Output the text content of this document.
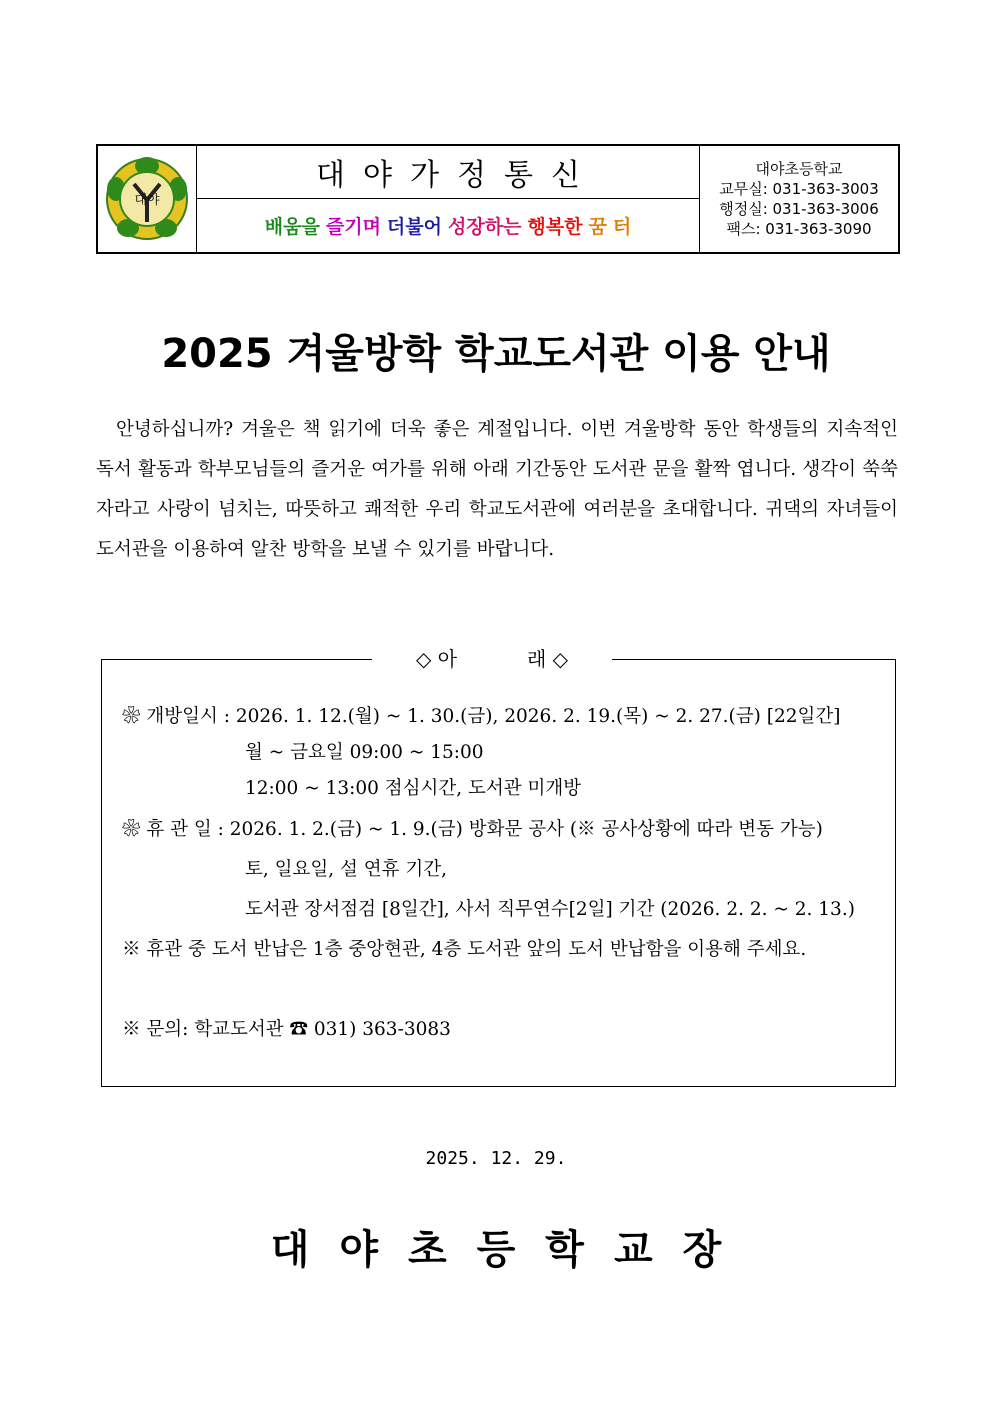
대야
대야가정통신
배움을 즐기며 더불어 성장하는 행복한 꿈 터
대야초등학교
교무실: 031-363-3003
행정실: 031-363-3006
팩스: 031-363-3090
2025 겨울방학 학교도서관 이용 안내
안녕하십니까? 겨울은 책 읽기에 더욱 좋은 계절입니다. 이번 겨울방학 동안 학생들의 지속적인 독서 활동과 학부모님들의 즐거운 여가를 위해 아래 기간동안 도서관 문을 활짝 엽니다. 생각이 쑥쑥 자라고 사랑이 넘치는, 따뜻하고 쾌적한 우리 학교도서관에 여러분을 초대합니다. 귀댁의 자녀들이 도서관을 이용하여 알찬 방학을 보낼 수 있기를 바랍니다.
◇ 아	래 ◇
❀ 개방일시 : 2026. 1. 12.(월) ~ 1. 30.(금), 2026. 2. 19.(목) ~ 2. 27.(금) [22일간]
월 ~ 금요일 09:00 ~ 15:00
12:00 ~ 13:00 점심시간, 도서관 미개방
❀ 휴 관 일 : 2026. 1. 2.(금) ~ 1. 9.(금) 방화문 공사 (※ 공사상황에 따라 변동 가능)
토, 일요일, 설 연휴 기간,
도서관 장서점검 [8일간], 사서 직무연수[2일] 기간 (2026. 2. 2. ~ 2. 13.)
※ 휴관 중 도서 반납은 1층 중앙현관, 4층 도서관 앞의 도서 반납함을 이용해 주세요.
※ 문의: 학교도서관 ☎ 031) 363-3083
2025. 12. 29.
대야초등학교장
